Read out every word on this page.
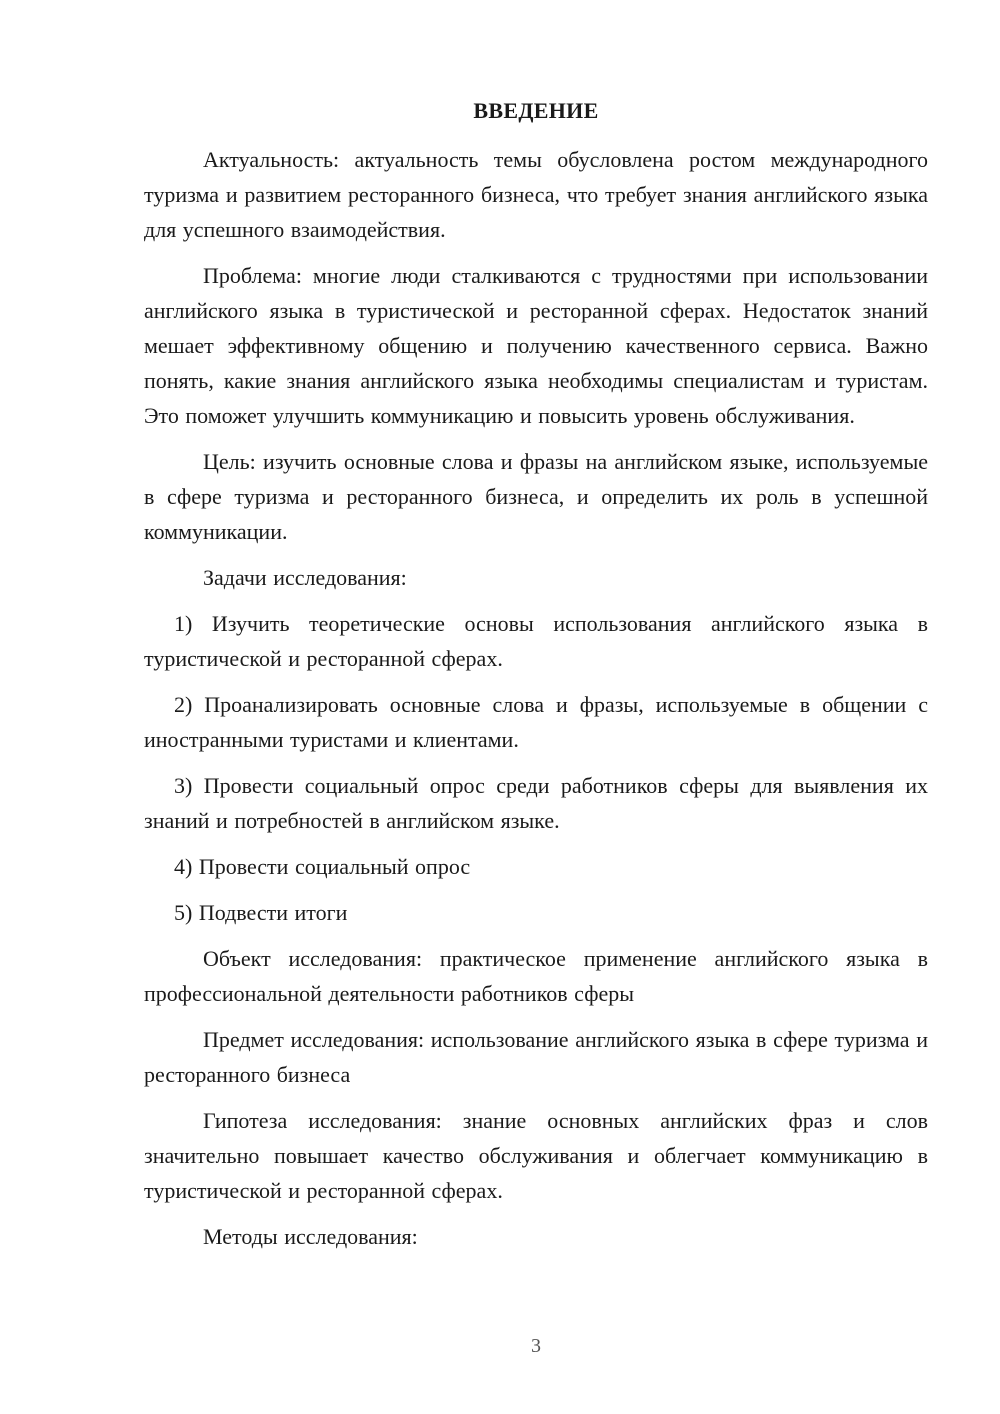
ВВЕДЕНИЕ

Актуальность: актуальность темы обусловлена ростом международного туризма и развитием ресторанного бизнеса, что требует знания английского языка для успешного взаимодействия.

Проблема: многие люди сталкиваются с трудностями при использовании английского языка в туристической и ресторанной сферах. Недостаток знаний мешает эффективному общению и получению качественного сервиса. Важно понять, какие знания английского языка необходимы специалистам и туристам. Это поможет улучшить коммуникацию и повысить уровень обслуживания.

Цель: изучить основные слова и фразы на английском языке, используемые в сфере туризма и ресторанного бизнеса, и определить их роль в успешной коммуникации.

Задачи исследования:

1) Изучить теоретические основы использования английского языка в туристической и ресторанной сферах.

2) Проанализировать основные слова и фразы, используемые в общении с иностранными туристами и клиентами.

3) Провести социальный опрос среди работников сферы для выявления их знаний и потребностей в английском языке.

4) Провести социальный опрос

5) Подвести итоги

Объект исследования: практическое применение английского языка в профессиональной деятельности работников сферы

Предмет исследования: использование английского языка в сфере туризма и ресторанного бизнеса

Гипотеза исследования: знание основных английских фраз и слов значительно повышает качество обслуживания и облегчает коммуникацию в туристической и ресторанной сферах.

Методы исследования:

3
